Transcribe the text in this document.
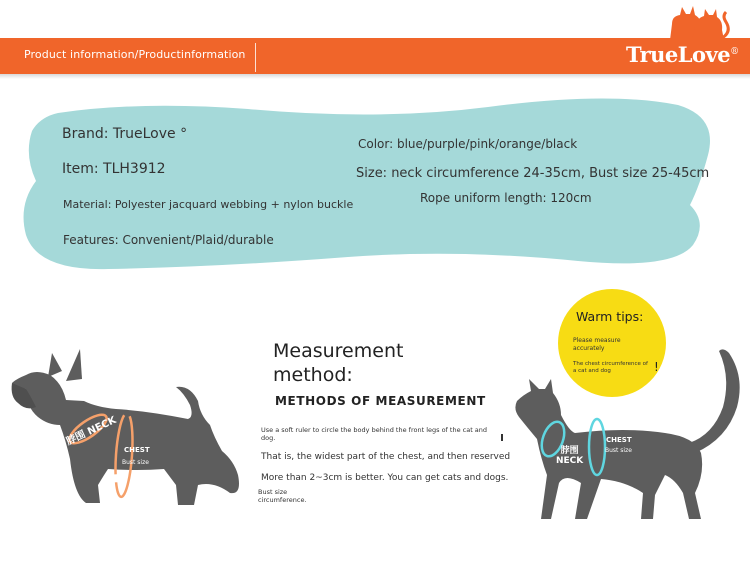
Product information/Productinformation	TrueLove®
Brand: TrueLove °
Item: TLH3912
Material: Polyester jacquard webbing + nylon buckle
Features: Convenient/Plaid/durable
Color: blue/purple/pink/orange/black
Size: neck circumference 24-35cm, Bust size 25-45cm
Rope uniform length: 120cm
脖围 NECK
CHEST
Bust size
Measurement method:
METHODS OF MEASUREMENT
Use a soft ruler to circle the body behind the front legs of the cat and dog.
That is, the widest part of the chest, and then reserved
More than 2~3cm is better. You can get cats and dogs.
Bust size circumference.
Warm tips:
Please measure accurately
The chest circumference of a cat and dog	!
脖围
NECK
CHEST
Bust size
